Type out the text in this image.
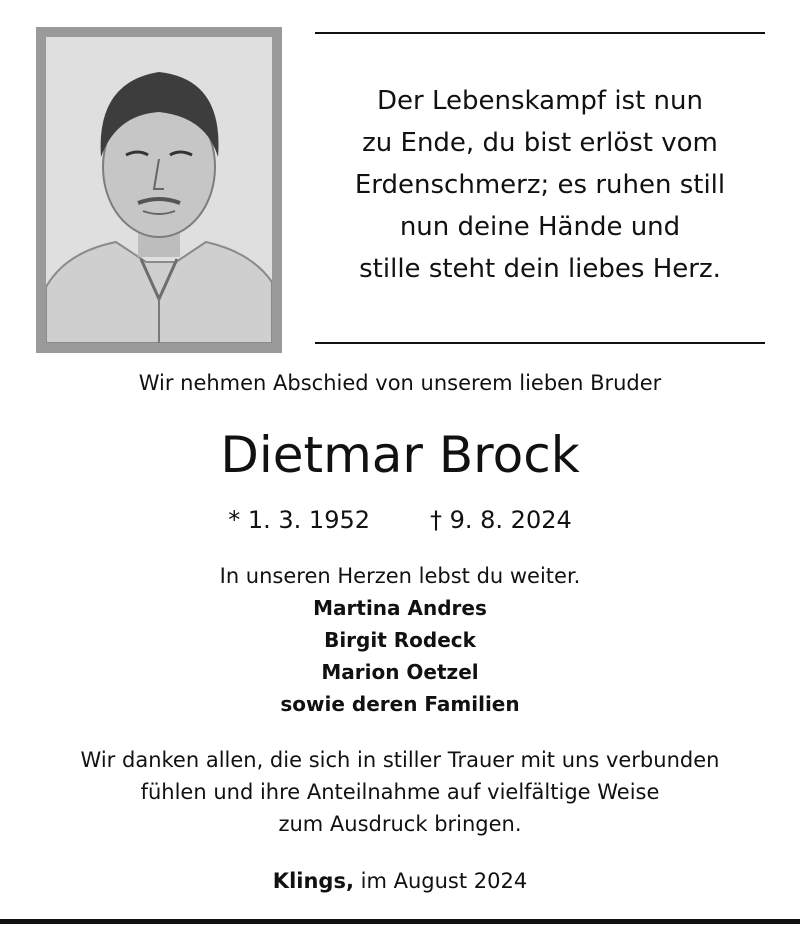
Der Lebenskampf ist nun
zu Ende, du bist erlöst vom
Erdenschmerz; es ruhen still
nun deine Hände und
stille steht dein liebes Herz.

Wir nehmen Abschied von unserem lieben Bruder

Dietmar Brock

* 1. 3. 1952	† 9. 8. 2024

In unseren Herzen lebst du weiter.

Martina Andres
Birgit Rodeck
Marion Oetzel
sowie deren Familien

Wir danken allen, die sich in stiller Trauer mit uns verbunden
fühlen und ihre Anteilnahme auf vielfältige Weise
zum Ausdruck bringen.

Klings, im August 2024
